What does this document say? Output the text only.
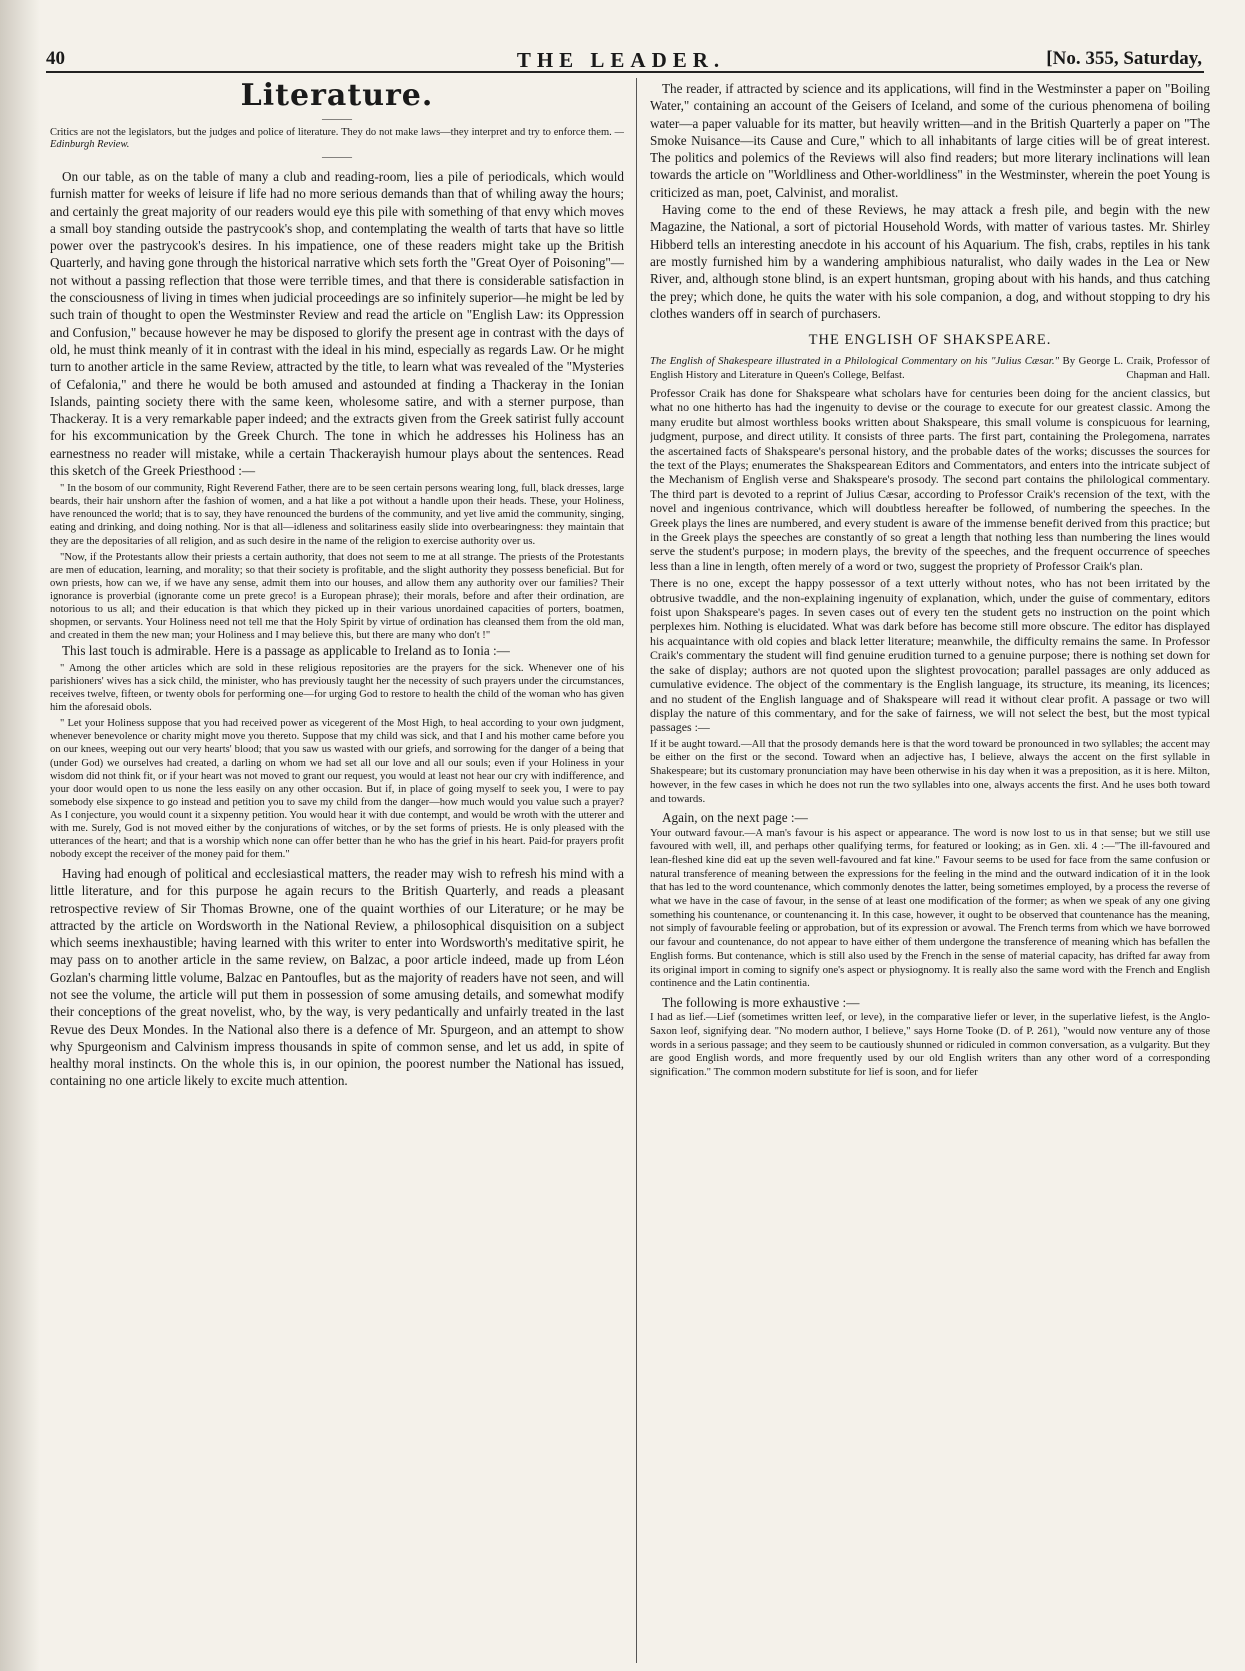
40	THE LEADER.	[No. 355, Saturday,
Literature.
———

Critics are not the legislators, but the judges and police of literature. They do not make laws—they interpret and try to enforce them. —Edinburgh Review.

———

On our table, as on the table of many a club and reading-room, lies a pile of periodicals, which would furnish matter for weeks of leisure if life had no more serious demands than that of whiling away the hours; and certainly the great majority of our readers would eye this pile with something of that envy which moves a small boy standing outside the pastrycook's shop, and contemplating the wealth of tarts that have so little power over the pastrycook's desires. In his impatience, one of these readers might take up the British Quarterly, and having gone through the historical narrative which sets forth the "Great Oyer of Poisoning"—not without a passing reflection that those were terrible times, and that there is considerable satisfaction in the consciousness of living in times when judicial proceedings are so infinitely superior—he might be led by such train of thought to open the Westminster Review and read the article on "English Law: its Oppression and Confusion," because however he may be disposed to glorify the present age in contrast with the days of old, he must think meanly of it in contrast with the ideal in his mind, especially as regards Law. Or he might turn to another article in the same Review, attracted by the title, to learn what was revealed of the "Mysteries of Cefalonia," and there he would be both amused and astounded at finding a Thackeray in the Ionian Islands, painting society there with the same keen, wholesome satire, and with a sterner purpose, than Thackeray. It is a very remarkable paper indeed; and the extracts given from the Greek satirist fully account for his excommunication by the Greek Church. The tone in which he addresses his Holiness has an earnestness no reader will mistake, while a certain Thackerayish humour plays about the sentences. Read this sketch of the Greek Priesthood :—

" In the bosom of our community, Right Reverend Father, there are to be seen certain persons wearing long, full, black dresses, large beards, their hair unshorn after the fashion of women, and a hat like a pot without a handle upon their heads. These, your Holiness, have renounced the world; that is to say, they have renounced the burdens of the community, and yet live amid the community, singing, eating and drinking, and doing nothing. Nor is that all—idleness and solitariness easily slide into overbearingness: they maintain that they are the depositaries of all religion, and as such desire in the name of the religion to exercise authority over us.

"Now, if the Protestants allow their priests a certain authority, that does not seem to me at all strange. The priests of the Protestants are men of education, learning, and morality; so that their society is profitable, and the slight authority they possess beneficial. But for own priests, how can we, if we have any sense, admit them into our houses, and allow them any authority over our families? Their ignorance is proverbial (ignorante come un prete greco! is a European phrase); their morals, before and after their ordination, are notorious to us all; and their education is that which they picked up in their various unordained capacities of porters, boatmen, shopmen, or servants. Your Holiness need not tell me that the Holy Spirit by virtue of ordination has cleansed them from the old man, and created in them the new man; your Holiness and I may believe this, but there are many who don't !"

This last touch is admirable. Here is a passage as applicable to Ireland as to Ionia :—

" Among the other articles which are sold in these religious repositories are the prayers for the sick. Whenever one of his parishioners' wives has a sick child, the minister, who has previously taught her the necessity of such prayers under the circumstances, receives twelve, fifteen, or twenty obols for performing one—for urging God to restore to health the child of the woman who has given him the aforesaid obols.

" Let your Holiness suppose that you had received power as vicegerent of the Most High, to heal according to your own judgment, whenever benevolence or charity might move you thereto. Suppose that my child was sick, and that I and his mother came before you on our knees, weeping out our very hearts' blood; that you saw us wasted with our griefs, and sorrowing for the danger of a being that (under God) we ourselves had created, a darling on whom we had set all our love and all our souls; even if your Holiness in your wisdom did not think fit, or if your heart was not moved to grant our request, you would at least not hear our cry with indifference, and your door would open to us none the less easily on any other occasion. But if, in place of going myself to seek you, I were to pay somebody else sixpence to go instead and petition you to save my child from the danger—how much would you value such a prayer? As I conjecture, you would count it a sixpenny petition. You would hear it with due contempt, and would be wroth with the utterer and with me. Surely, God is not moved either by the conjurations of witches, or by the set forms of priests. He is only pleased with the utterances of the heart; and that is a worship which none can offer better than he who has the grief in his heart. Paid-for prayers profit nobody except the receiver of the money paid for them."

Having had enough of political and ecclesiastical matters, the reader may wish to refresh his mind with a little literature, and for this purpose he again recurs to the British Quarterly, and reads a pleasant retrospective review of Sir Thomas Browne, one of the quaint worthies of our Literature; or he may be attracted by the article on Wordsworth in the National Review, a philosophical disquisition on a subject which seems inexhaustible; having learned with this writer to enter into Wordsworth's meditative spirit, he may pass on to another article in the same review, on Balzac, a poor article indeed, made up from Léon Gozlan's charming little volume, Balzac en Pantoufles, but as the majority of readers have not seen, and will not see the volume, the article will put them in possession of some amusing details, and somewhat modify their conceptions of the great novelist, who, by the way, is very pedantically and unfairly treated in the last Revue des Deux Mondes. In the National also there is a defence of Mr. Spurgeon, and an attempt to show why Spurgeonism and Calvinism impress thousands in spite of common sense, and let us add, in spite of healthy moral instincts. On the whole this is, in our opinion, the poorest number the National has issued, containing no one article likely to excite much attention.

The reader, if attracted by science and its applications, will find in the Westminster a paper on "Boiling Water," containing an account of the Geisers of Iceland, and some of the curious phenomena of boiling water—a paper valuable for its matter, but heavily written—and in the British Quarterly a paper on "The Smoke Nuisance—its Cause and Cure," which to all inhabitants of large cities will be of great interest. The politics and polemics of the Reviews will also find readers; but more literary inclinations will lean towards the article on "Worldliness and Other-worldliness" in the Westminster, wherein the poet Young is criticized as man, poet, Calvinist, and moralist.

Having come to the end of these Reviews, he may attack a fresh pile, and begin with the new Magazine, the National, a sort of pictorial Household Words, with matter of various tastes. Mr. Shirley Hibberd tells an interesting anecdote in his account of his Aquarium. The fish, crabs, reptiles in his tank are mostly furnished him by a wandering amphibious naturalist, who daily wades in the Lea or New River, and, although stone blind, is an expert huntsman, groping about with his hands, and thus catching the prey; which done, he quits the water with his sole companion, a dog, and without stopping to dry his clothes wanders off in search of purchasers.

THE ENGLISH OF SHAKSPEARE.
The English of Shakespeare illustrated in a Philological Commentary on his "Julius Cæsar." By George L. Craik, Professor of English History and Literature in Queen's College, Belfast.	Chapman and Hall.

Professor Craik has done for Shakspeare what scholars have for centuries been doing for the ancient classics, but what no one hitherto has had the ingenuity to devise or the courage to execute for our greatest classic. Among the many erudite but almost worthless books written about Shakspeare, this small volume is conspicuous for learning, judgment, purpose, and direct utility. It consists of three parts. The first part, containing the Prolegomena, narrates the ascertained facts of Shakspeare's personal history, and the probable dates of the works; discusses the sources for the text of the Plays; enumerates the Shakspearean Editors and Commentators, and enters into the intricate subject of the Mechanism of English verse and Shakspeare's prosody. The second part contains the philological commentary. The third part is devoted to a reprint of Julius Cæsar, according to Professor Craik's recension of the text, with the novel and ingenious contrivance, which will doubtless hereafter be followed, of numbering the speeches. In the Greek plays the lines are numbered, and every student is aware of the immense benefit derived from this practice; but in the Greek plays the speeches are constantly of so great a length that nothing less than numbering the lines would serve the student's purpose; in modern plays, the brevity of the speeches, and the frequent occurrence of speeches less than a line in length, often merely of a word or two, suggest the propriety of Professor Craik's plan.

There is no one, except the happy possessor of a text utterly without notes, who has not been irritated by the obtrusive twaddle, and the non-explaining ingenuity of explanation, which, under the guise of commentary, editors foist upon Shakspeare's pages. In seven cases out of every ten the student gets no instruction on the point which perplexes him. Nothing is elucidated. What was dark before has become still more obscure. The editor has displayed his acquaintance with old copies and black letter literature; meanwhile, the difficulty remains the same. In Professor Craik's commentary the student will find genuine erudition turned to a genuine purpose; there is nothing set down for the sake of display; authors are not quoted upon the slightest provocation; parallel passages are only adduced as cumulative evidence. The object of the commentary is the English language, its structure, its meaning, its licences; and no student of the English language and of Shakspeare will read it without clear profit. A passage or two will display the nature of this commentary, and for the sake of fairness, we will not select the best, but the most typical passages :—

If it be aught toward.—All that the prosody demands here is that the word toward be pronounced in two syllables; the accent may be either on the first or the second. Toward when an adjective has, I believe, always the accent on the first syllable in Shakespeare; but its customary pronunciation may have been otherwise in his day when it was a preposition, as it is here. Milton, however, in the few cases in which he does not run the two syllables into one, always accents the first. And he uses both toward and towards.

Again, on the next page :—

Your outward favour.—A man's favour is his aspect or appearance. The word is now lost to us in that sense; but we still use favoured with well, ill, and perhaps other qualifying terms, for featured or looking; as in Gen. xli. 4 :—"The ill-favoured and lean-fleshed kine did eat up the seven well-favoured and fat kine." Favour seems to be used for face from the same confusion or natural transference of meaning between the expressions for the feeling in the mind and the outward indication of it in the look that has led to the word countenance, which commonly denotes the latter, being sometimes employed, by a process the reverse of what we have in the case of favour, in the sense of at least one modification of the former; as when we speak of any one giving something his countenance, or countenancing it. In this case, however, it ought to be observed that countenance has the meaning, not simply of favourable feeling or approbation, but of its expression or avowal. The French terms from which we have borrowed our favour and countenance, do not appear to have either of them undergone the transference of meaning which has befallen the English forms. But contenance, which is still also used by the French in the sense of material capacity, has drifted far away from its original import in coming to signify one's aspect or physiognomy. It is really also the same word with the French and English continence and the Latin continentia.

The following is more exhaustive :—

I had as lief.—Lief (sometimes written leef, or leve), in the comparative liefer or lever, in the superlative liefest, is the Anglo-Saxon leof, signifying dear. "No modern author, I believe," says Horne Tooke (D. of P. 261), "would now venture any of those words in a serious passage; and they seem to be cautiously shunned or ridiculed in common conversation, as a vulgarity. But they are good English words, and more frequently used by our old English writers than any other word of a corresponding signification." The common modern substitute for lief is soon, and for liefer
